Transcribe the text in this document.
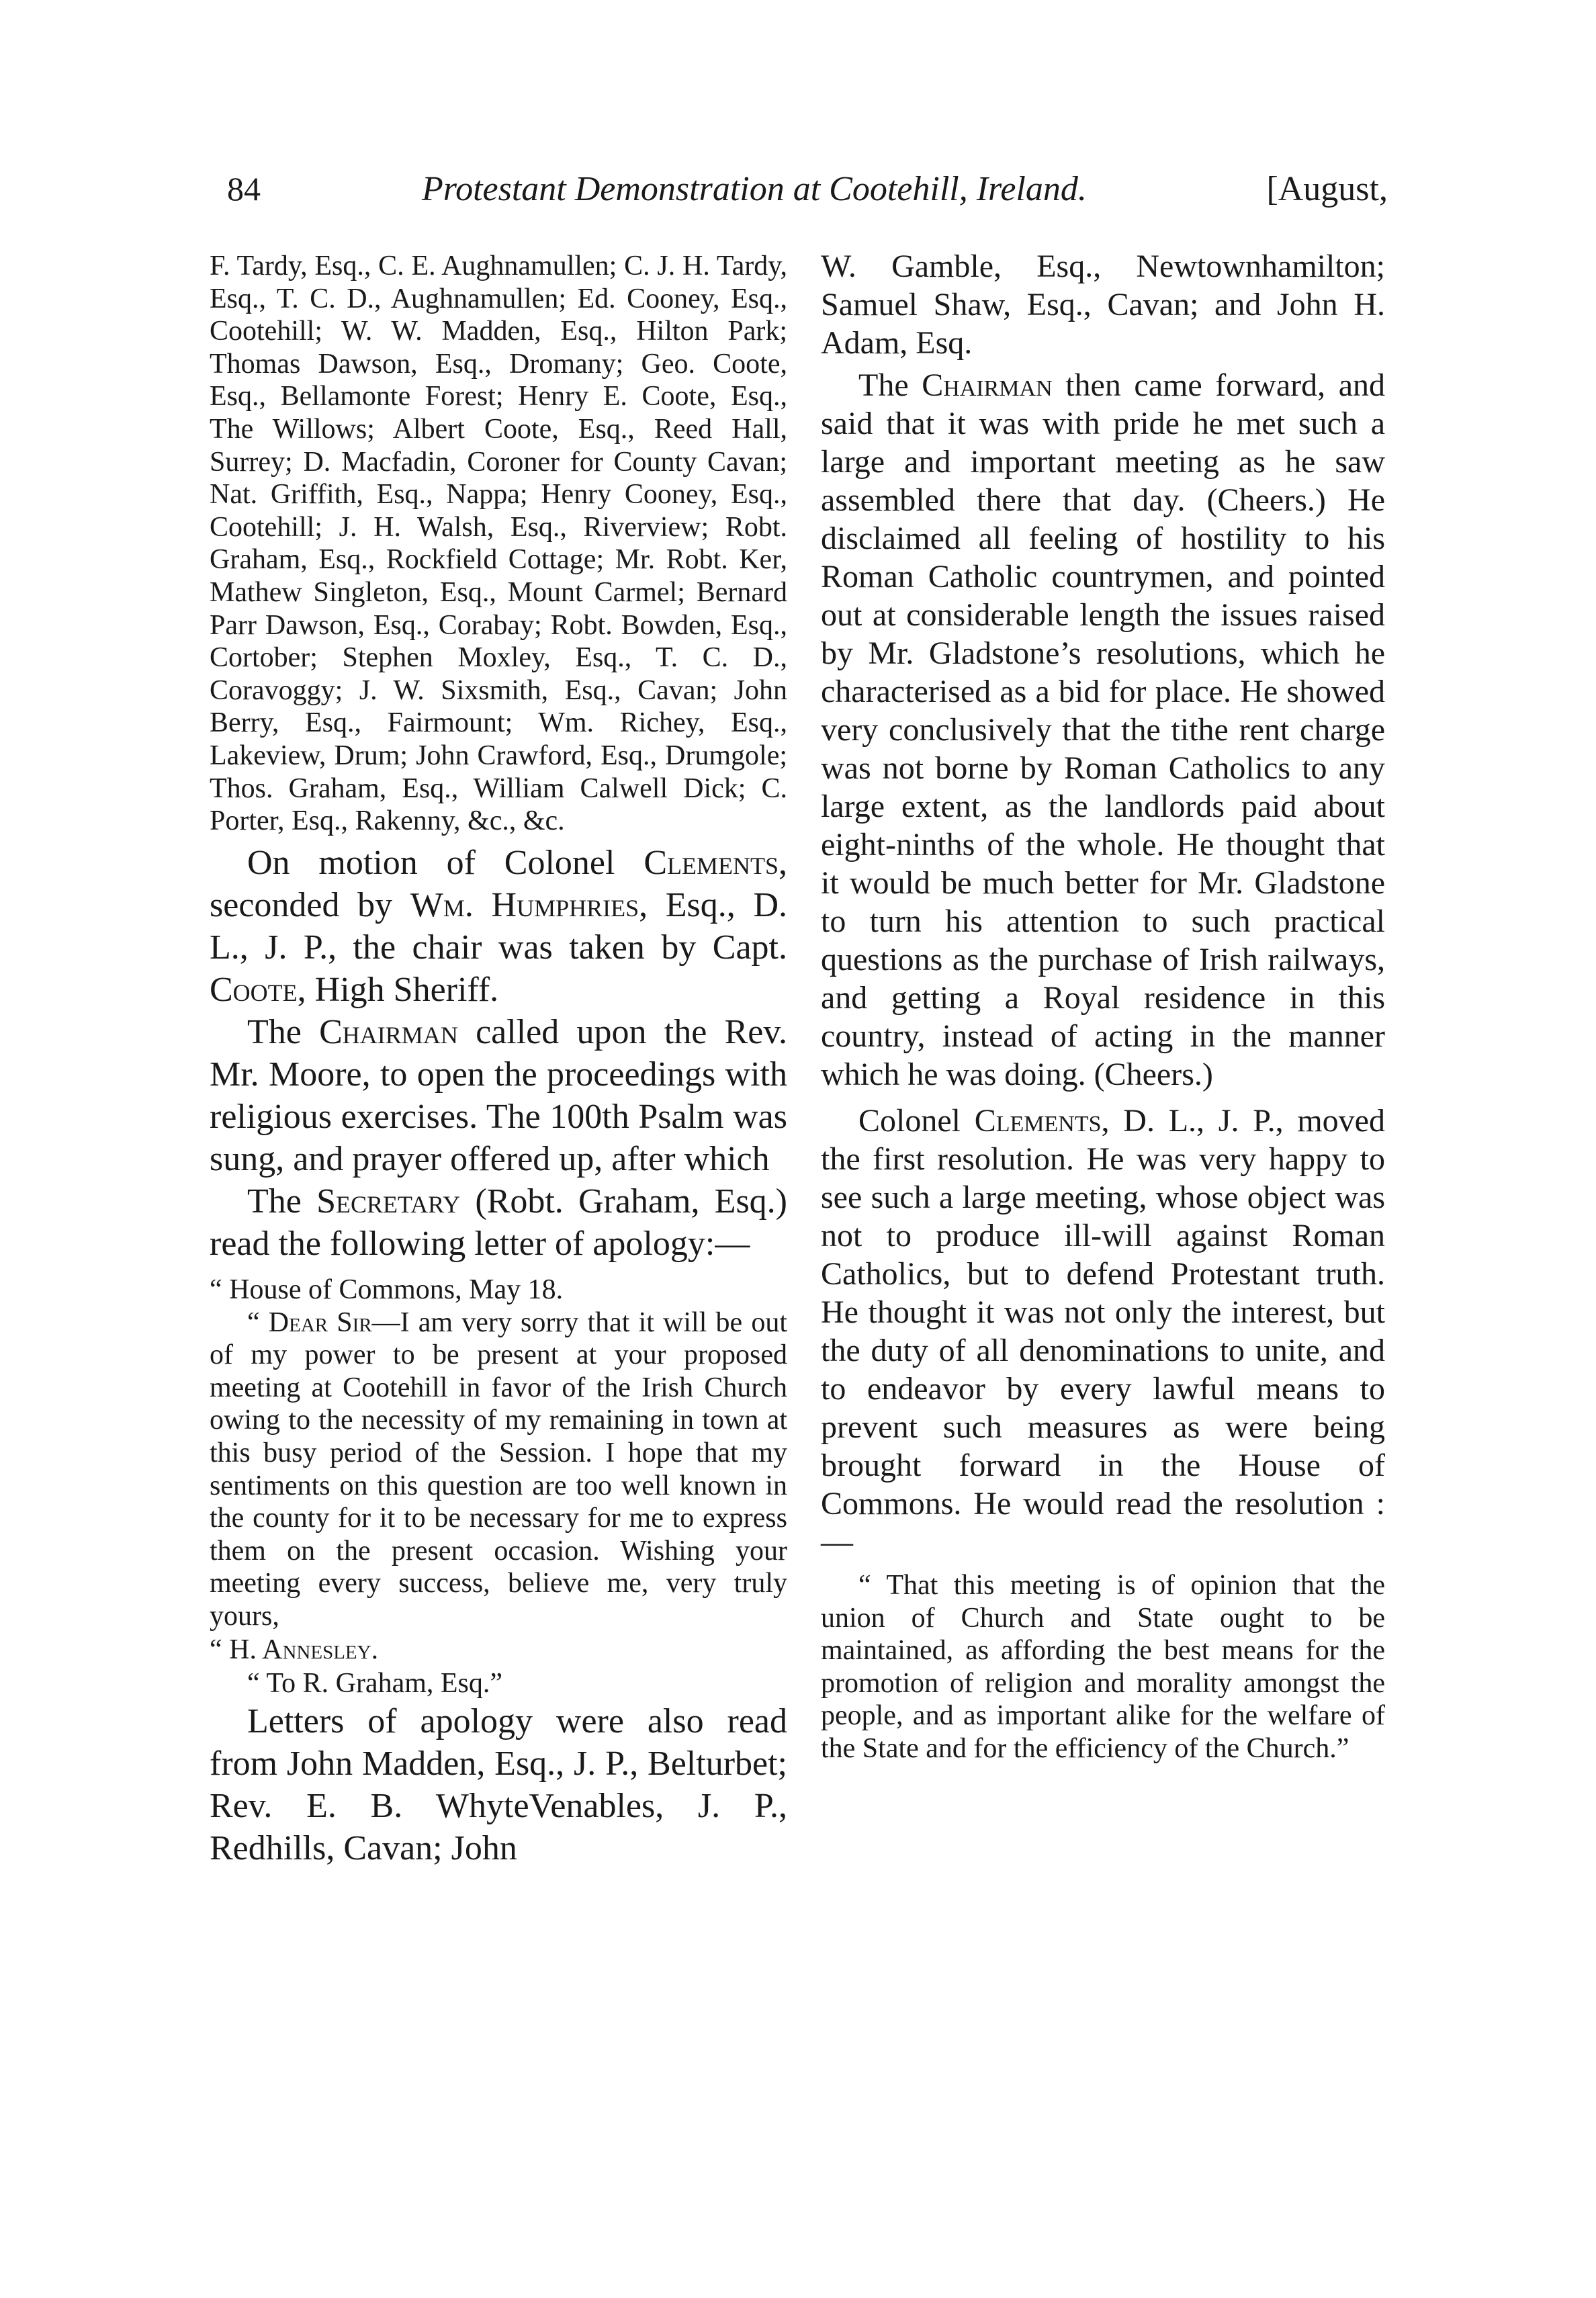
84	Protestant Demonstration at Cootehill, Ireland.	[August,

F. Tardy, Esq., C. E. Aughnamullen; C. J. H. Tardy, Esq., T. C. D., Aughnamullen; Ed. Cooney, Esq., Cootehill; W. W. Madden, Esq., Hilton Park; Thomas Dawson, Esq., Dromany; Geo. Coote, Esq., Bellamonte Forest; Henry E. Coote, Esq., The Willows; Albert Coote, Esq., Reed Hall, Surrey; D. Macfadin, Coroner for County Cavan; Nat. Griffith, Esq., Nappa; Henry Cooney, Esq., Cootehill; J. H. Walsh, Esq., Riverview; Robt. Graham, Esq., Rockfield Cottage; Mr. Robt. Ker, Mathew Singleton, Esq., Mount Carmel; Bernard Parr Dawson, Esq., Corabay; Robt. Bowden, Esq., Cortober; Stephen Moxley, Esq., T. C. D., Coravoggy; J. W. Sixsmith, Esq., Cavan; John Berry, Esq., Fairmount; Wm. Richey, Esq., Lakeview, Drum; John Crawford, Esq., Drumgole; Thos. Graham, Esq., William Calwell Dick; C. Porter, Esq., Rakenny, &c., &c.

On motion of Colonel Clements, seconded by Wm. Humphries, Esq., D. L., J. P., the chair was taken by Capt. Coote, High Sheriff.

The Chairman called upon the Rev. Mr. Moore, to open the proceedings with religious exercises. The 100th Psalm was sung, and prayer offered up, after which

The Secretary (Robt. Graham, Esq.) read the following letter of apology:—

“ House of Commons, May 18.

“ Dear Sir—I am very sorry that it will be out of my power to be present at your proposed meeting at Cootehill in favor of the Irish Church owing to the necessity of my remaining in town at this busy period of the Session. I hope that my sentiments on this question are too well known in the county for it to be necessary for me to express them on the present occasion. Wishing your meeting every success, believe me, very truly yours,

“ H. Annesley.

“ To R. Graham, Esq.”

Letters of apology were also read from John Madden, Esq., J. P., Belturbet; Rev. E. B. WhyteVenables, J. P., Redhills, Cavan; John

W. Gamble, Esq., Newtownhamilton; Samuel Shaw, Esq., Cavan; and John H. Adam, Esq.

The Chairman then came forward, and said that it was with pride he met such a large and important meeting as he saw assembled there that day. (Cheers.) He disclaimed all feeling of hostility to his Roman Catholic countrymen, and pointed out at considerable length the issues raised by Mr. Gladstone’s resolutions, which he characterised as a bid for place. He showed very conclusively that the tithe rent charge was not borne by Roman Catholics to any large extent, as the landlords paid about eight-ninths of the whole. He thought that it would be much better for Mr. Gladstone to turn his attention to such practical questions as the purchase of Irish railways, and getting a Royal residence in this country, instead of acting in the manner which he was doing. (Cheers.)

Colonel Clements, D. L., J. P., moved the first resolution. He was very happy to see such a large meeting, whose object was not to produce ill-will against Roman Catholics, but to defend Protestant truth. He thought it was not only the interest, but the duty of all denominations to unite, and to endeavor by every lawful means to prevent such measures as were being brought forward in the House of Commons. He would read the resolution :—

“ That this meeting is of opinion that the union of Church and State ought to be maintained, as affording the best means for the promotion of religion and morality amongst the people, and as important alike for the welfare of the State and for the efficiency of the Church.”
